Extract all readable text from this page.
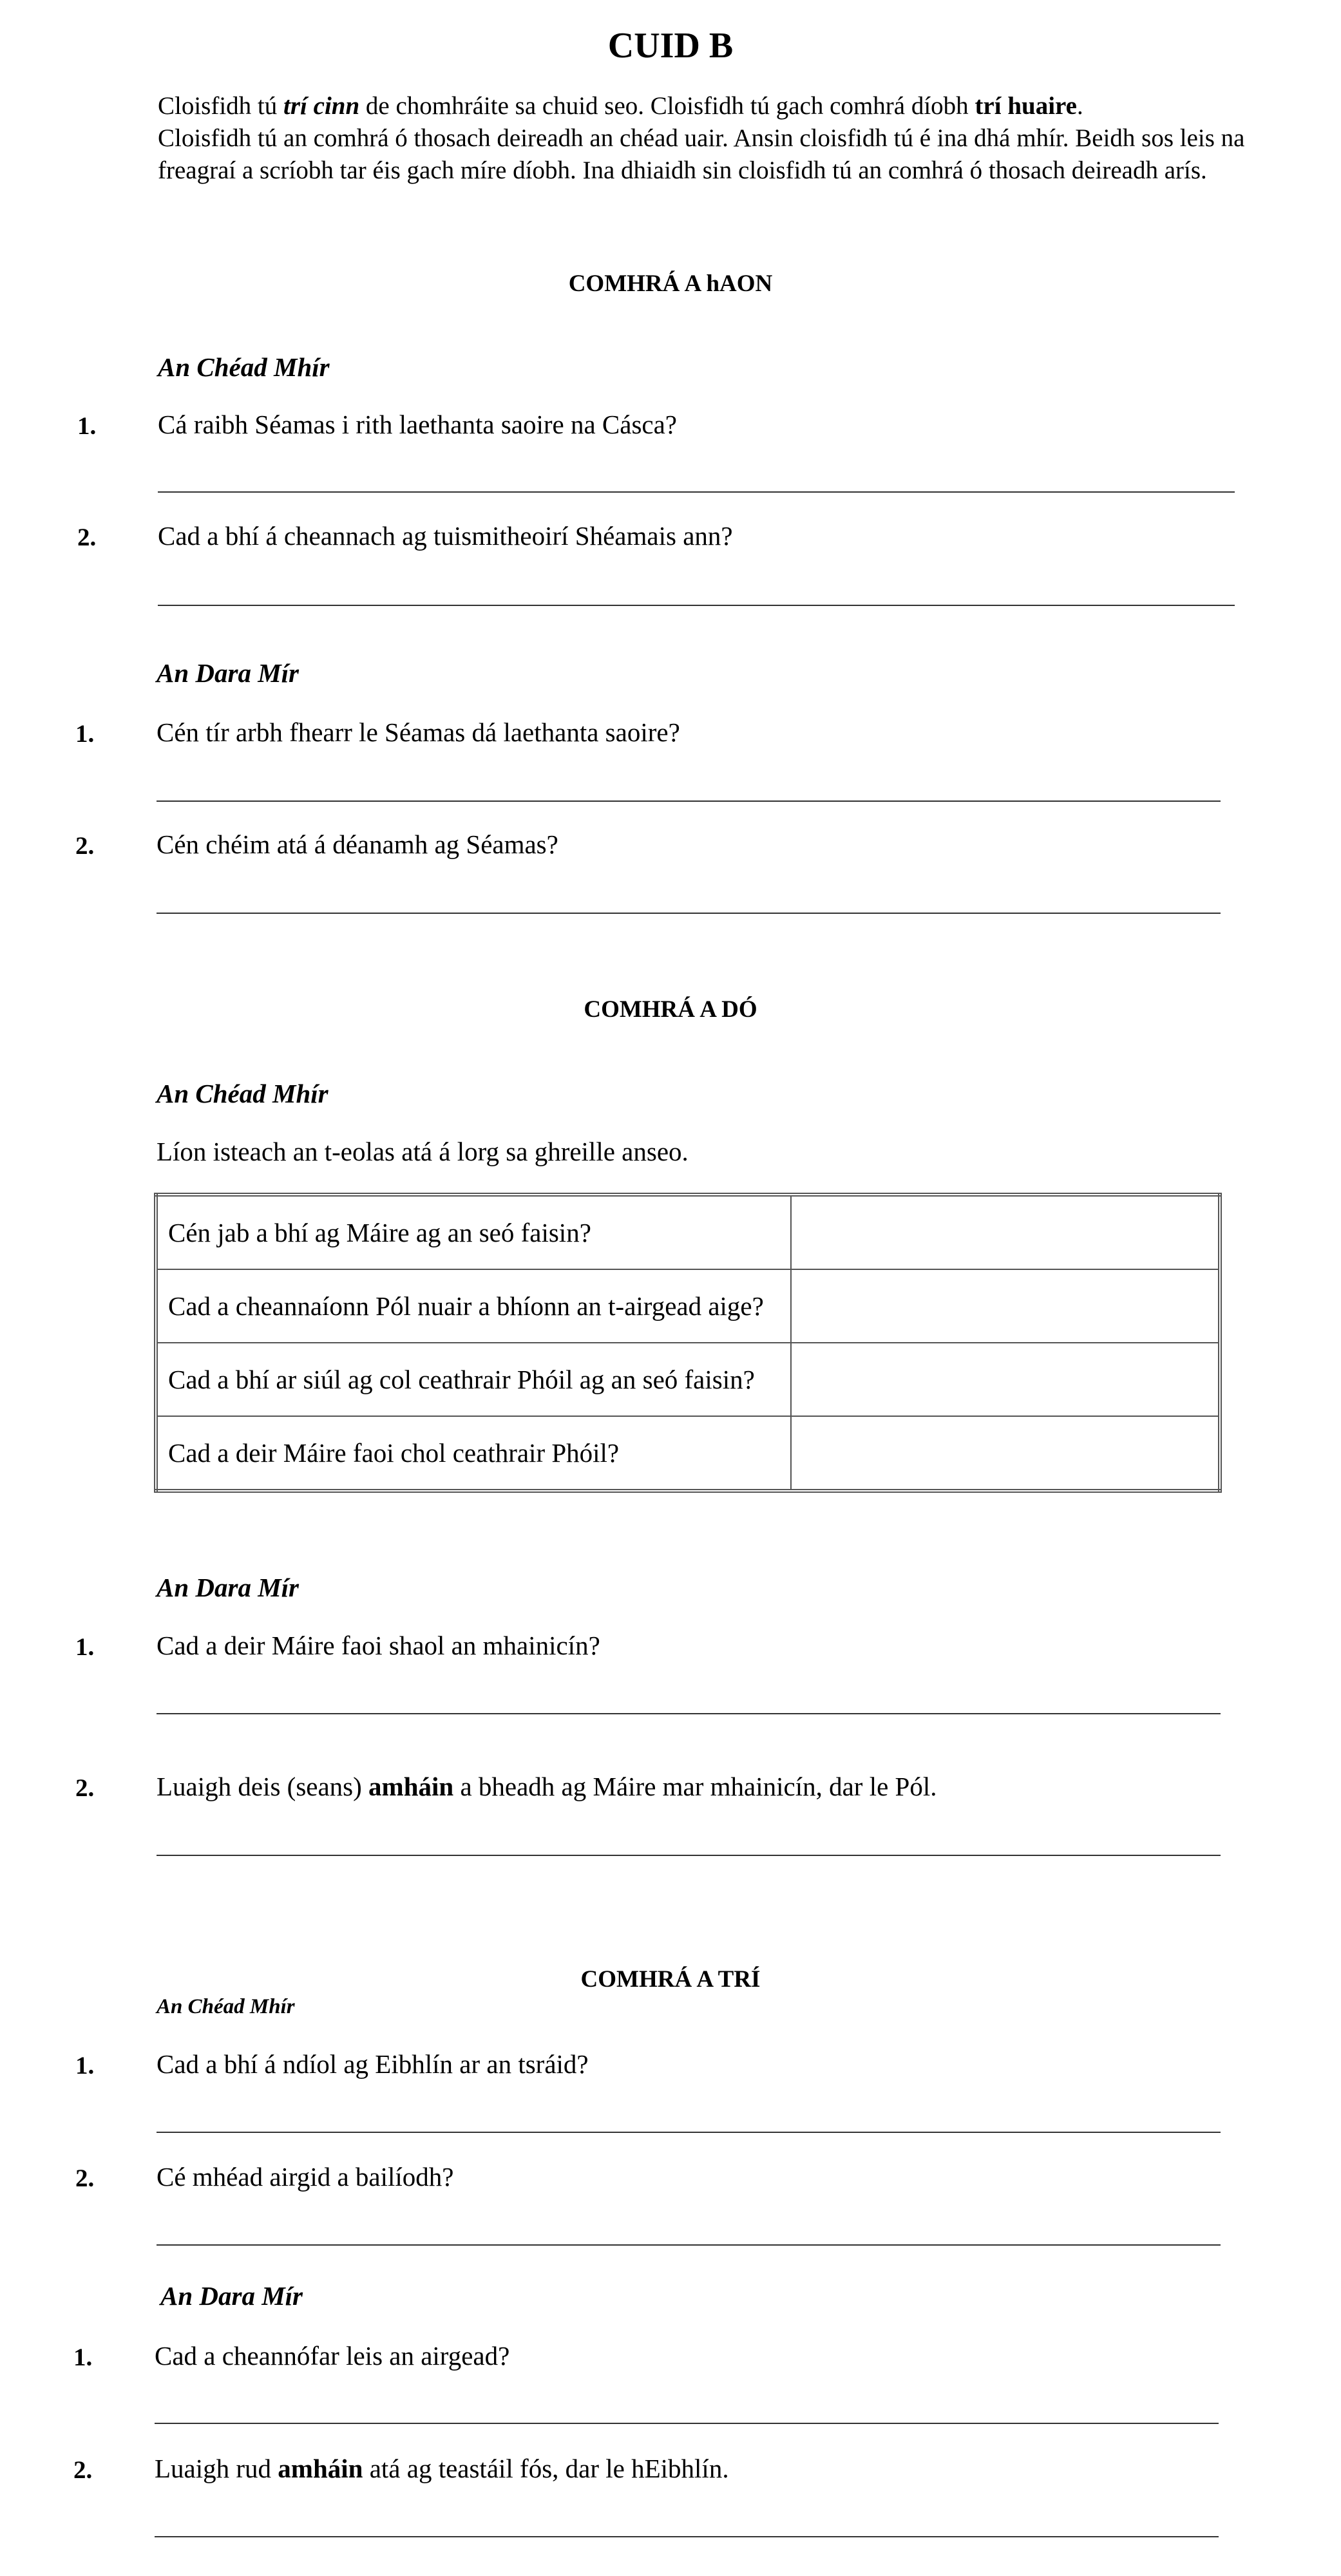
CUID B

Cloisfidh tú trí cinn de chomhráite sa chuid seo. Cloisfidh tú gach comhrá díobh trí huaire.
Cloisfidh tú an comhrá ó thosach deireadh an chéad uair. Ansin cloisfidh tú é ina dhá mhír. Beidh sos leis na freagraí a scríobh tar éis gach míre díobh. Ina dhiaidh sin cloisfidh tú an comhrá ó thosach deireadh arís.

COMHRÁ A hAON
An Chéad Mhír
1. Cá raibh Séamas i rith laethanta saoire na Cásca?
2. Cad a bhí á cheannach ag tuismitheoirí Shéamais ann?
An Dara Mír
1. Cén tír arbh fhearr le Séamas dá laethanta saoire?
2. Cén chéim atá á déanamh ag Séamas?
COMHRÁ A DÓ
An Chéad Mhír
Líon isteach an t-eolas atá á lorg sa ghreille anseo.
Cén jab a bhí ag Máire ag an seó faisin?	
Cad a cheannaíonn Pól nuair a bhíonn an t-airgead aige?	
Cad a bhí ar siúl ag col ceathrair Phóil ag an seó faisin?	
Cad a deir Máire faoi chol ceathrair Phóil?	
An Dara Mír
1. Cad a deir Máire faoi shaol an mhainicín?
2. Luaigh deis (seans) amháin a bheadh ag Máire mar mhainicín, dar le Pól.
COMHRÁ A TRÍ
An Chéad Mhír
1. Cad a bhí á ndíol ag Eibhlín ar an tsráid?
2. Cé mhéad airgid a bailíodh?
An Dara Mír
1. Cad a cheannófar leis an airgead?
2. Luaigh rud amháin atá ag teastáil fós, dar le hEibhlín.
